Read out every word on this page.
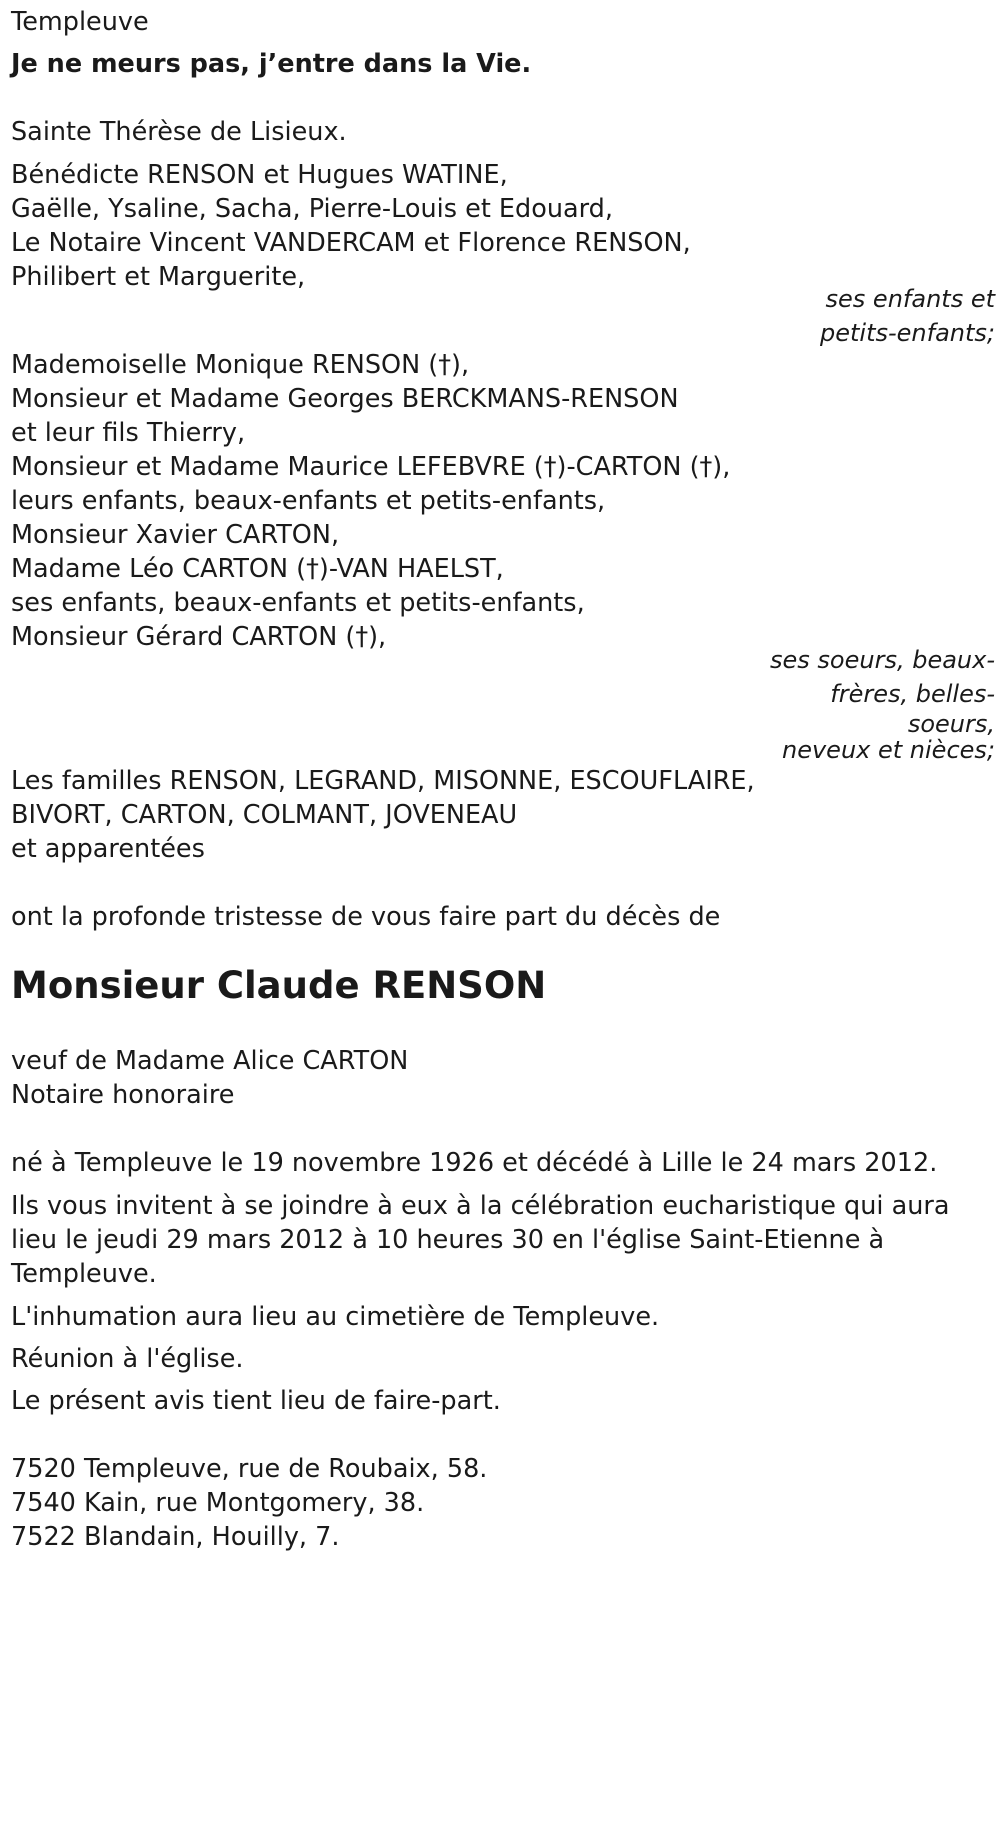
Templeuve
Je ne meurs pas, j’entre dans la Vie.
Sainte Thérèse de Lisieux.
Bénédicte RENSON et Hugues WATINE,
Gaëlle, Ysaline, Sacha, Pierre-Louis et Edouard,
Le Notaire Vincent VANDERCAM et Florence RENSON,
Philibert et Marguerite,
ses enfants et
petits-enfants;
Mademoiselle Monique RENSON (†),
Monsieur et Madame Georges BERCKMANS-RENSON
et leur fils Thierry,
Monsieur et Madame Maurice LEFEBVRE (†)-CARTON (†),
leurs enfants, beaux-enfants et petits-enfants,
Monsieur Xavier CARTON,
Madame Léo CARTON (†)-VAN HAELST,
ses enfants, beaux-enfants et petits-enfants,
Monsieur Gérard CARTON (†),
ses soeurs, beaux-
frères, belles-
soeurs,
neveux et nièces;
Les familles RENSON, LEGRAND, MISONNE, ESCOUFLAIRE,
BIVORT, CARTON, COLMANT, JOVENEAU
et apparentées
ont la profonde tristesse de vous faire part du décès de
Monsieur Claude RENSON
veuf de Madame Alice CARTON
Notaire honoraire
né à Templeuve le 19 novembre 1926 et décédé à Lille le 24 mars 2012.
Ils vous invitent à se joindre à eux à la célébration eucharistique qui aura
lieu le jeudi 29 mars 2012 à 10 heures 30 en l'église Saint-Etienne à
Templeuve.
L'inhumation aura lieu au cimetière de Templeuve.
Réunion à l'église.
Le présent avis tient lieu de faire-part.
7520 Templeuve, rue de Roubaix, 58.
7540 Kain, rue Montgomery, 38.
7522 Blandain, Houilly, 7.
